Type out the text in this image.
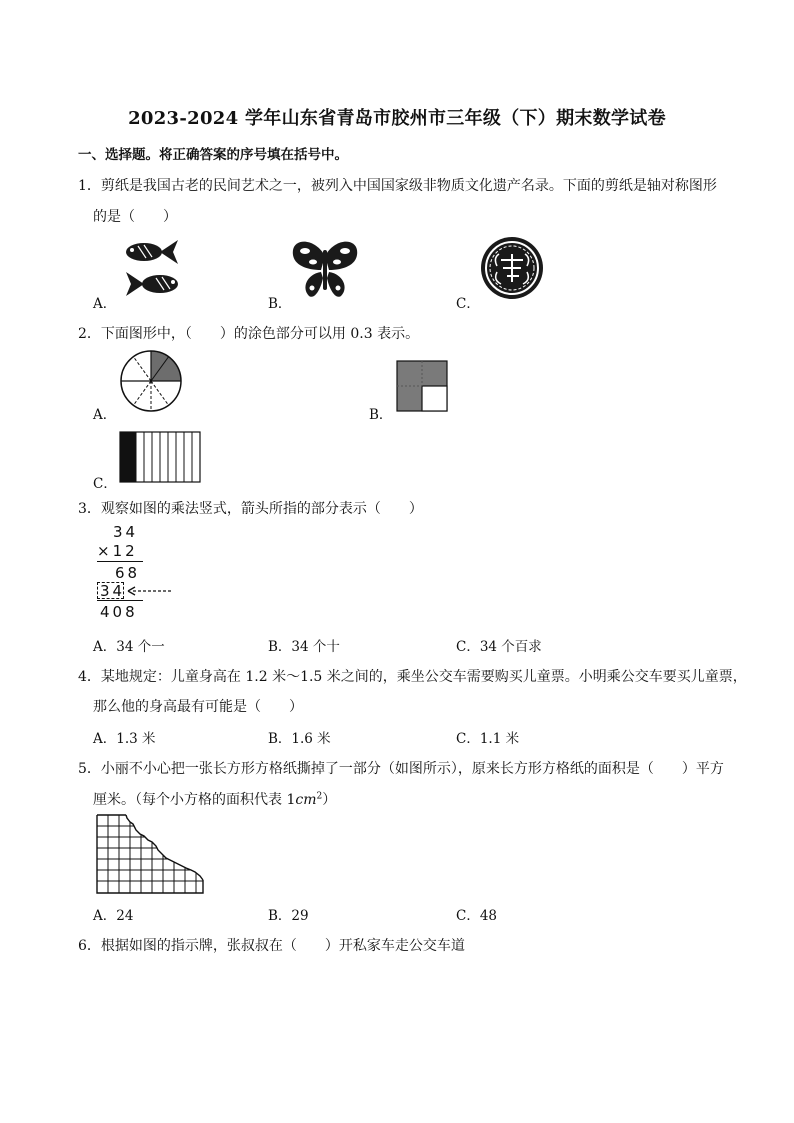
2023-2024 学年山东省青岛市胶州市三年级（下）期末数学试卷
一、选择题。将正确答案的序号填在括号中。
1．剪纸是我国古老的民间艺术之一，被列入中国国家级非物质文化遗产名录。下面的剪纸是轴对称图形
的是（　　）
A．	B．	C．
2．下面图形中，（　　）的涂色部分可以用 0.3 表示。
A．	B．
C．
3．观察如图的乘法竖式，箭头所指的部分表示（　　）
34
×12
68
34
408
A．34 个一	B．34 个十	C．34 个百求
4．某地规定：儿童身高在 1.2 米～1.5 米之间的，乘坐公交车需要购买儿童票。小明乘公交车要买儿童票，
那么他的身高最有可能是（　　）
A．1.3 米	B．1.6 米	C．1.1 米
5．小丽不小心把一张长方形方格纸撕掉了一部分（如图所示），原来长方形方格纸的面积是（　　）平方
厘米。（每个小方格的面积代表 $1cm^2$）
A．24	B．29	C．48
6．根据如图的指示牌，张叔叔在（　　）开私家车走公交车道
